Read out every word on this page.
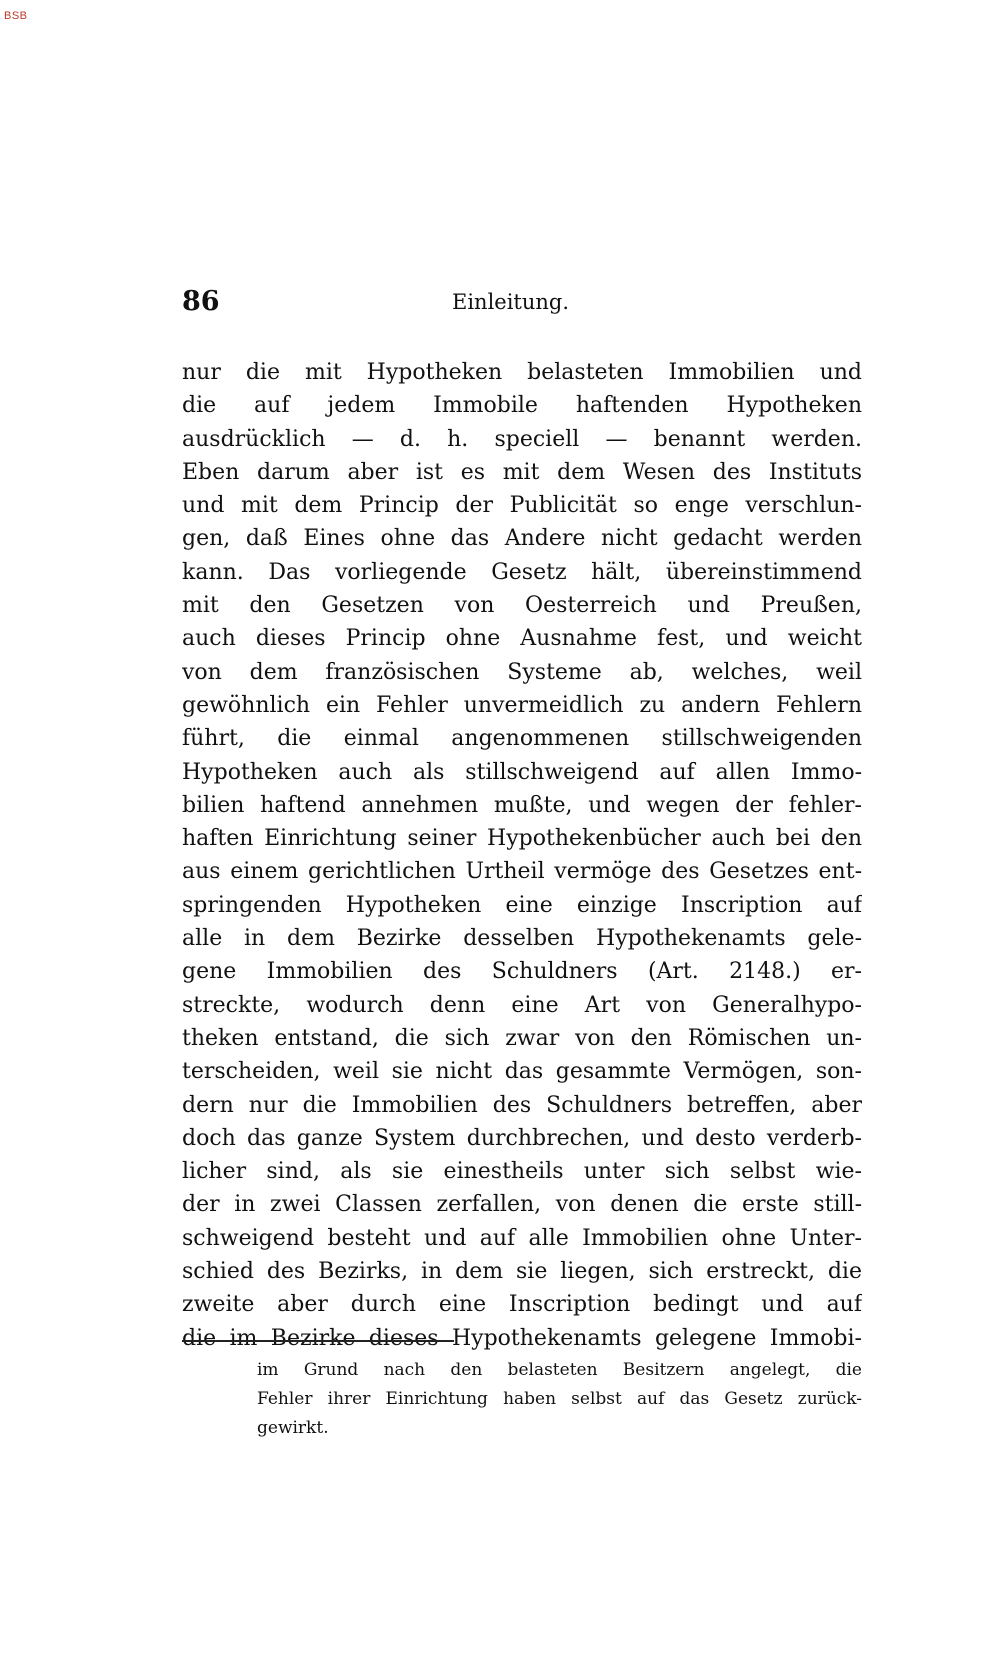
BSB
86	Einleitung.
nur die mit Hypotheken belasteten Immobilien und
die auf jedem Immobile haftenden Hypotheken
ausdrücklich — d. h. speciell — benannt werden.
Eben darum aber ist es mit dem Wesen des Instituts
und mit dem Princip der Publicität so enge verschlun-
gen, daß Eines ohne das Andere nicht gedacht werden
kann. Das vorliegende Gesetz hält, übereinstimmend
mit den Gesetzen von Oesterreich und Preußen,
auch dieses Princip ohne Ausnahme fest, und weicht
von dem französischen Systeme ab, welches, weil
gewöhnlich ein Fehler unvermeidlich zu andern Fehlern
führt, die einmal angenommenen stillschweigenden
Hypotheken auch als stillschweigend auf allen Immo-
bilien haftend annehmen mußte, und wegen der fehler-
haften Einrichtung seiner Hypothekenbücher auch bei den
aus einem gerichtlichen Urtheil vermöge des Gesetzes ent-
springenden Hypotheken eine einzige Inscription auf
alle in dem Bezirke desselben Hypothekenamts gele-
gene Immobilien des Schuldners (Art. 2148.) er-
streckte, wodurch denn eine Art von Generalhypo-
theken entstand, die sich zwar von den Römischen un-
terscheiden, weil sie nicht das gesammte Vermögen, son-
dern nur die Immobilien des Schuldners betreffen, aber
doch das ganze System durchbrechen, und desto verderb-
licher sind, als sie einestheils unter sich selbst wie-
der in zwei Classen zerfallen, von denen die erste still-
schweigend besteht und auf alle Immobilien ohne Unter-
schied des Bezirks, in dem sie liegen, sich erstreckt, die
zweite aber durch eine Inscription bedingt und auf
die im Bezirke dieses Hypothekenamts gelegene Immobi-
im Grund nach den belasteten Besitzern angelegt, die
Fehler ihrer Einrichtung haben selbst auf das Gesetz zurück-
gewirkt.
